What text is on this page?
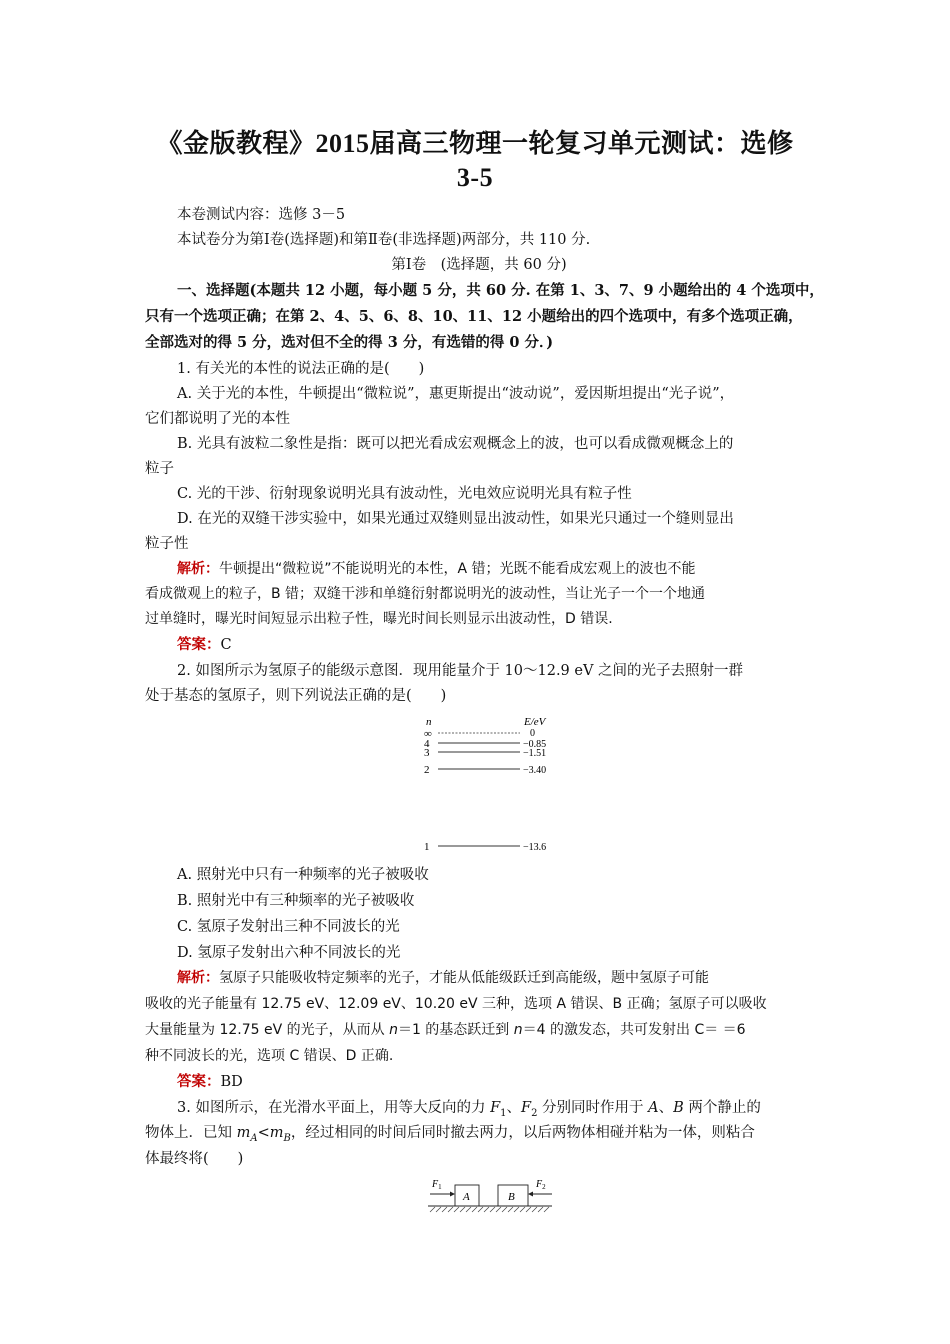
《金版教程》2015届高三物理一轮复习单元测试：选修
3-5
本卷测试内容：选修 3－5
本试卷分为第Ⅰ卷(选择题)和第Ⅱ卷(非选择题)两部分，共 110 分.
第Ⅰ卷　(选择题，共 60 分)
一、选择题(本题共 12 小题，每小题 5 分，共 60 分. 在第 1、3、7、9 小题给出的 4 个选项中，
只有一个选项正确；在第 2、4、5、6、8、10、11、12 小题给出的四个选项中，有多个选项正确，
全部选对的得 5 分，选对但不全的得 3 分，有选错的得 0 分．)
1. 有关光的本性的说法正确的是(　　)
A. 关于光的本性，牛顿提出“微粒说”，惠更斯提出“波动说”，爱因斯坦提出“光子说”，
它们都说明了光的本性
B. 光具有波粒二象性是指：既可以把光看成宏观概念上的波，也可以看成微观概念上的
粒子
C. 光的干涉、衍射现象说明光具有波动性，光电效应说明光具有粒子性
D. 在光的双缝干涉实验中，如果光通过双缝则显出波动性，如果光只通过一个缝则显出
粒子性
解析：牛顿提出“微粒说”不能说明光的本性，A 错；光既不能看成宏观上的波也不能
看成微观上的粒子，B 错；双缝干涉和单缝衍射都说明光的波动性，当让光子一个一个地通
过单缝时，曝光时间短显示出粒子性，曝光时间长则显示出波动性，D 错误.
答案：C
2. 如图所示为氢原子的能级示意图．现用能量介于 10～12.9 eV 之间的光子去照射一群
处于基态的氢原子，则下列说法正确的是(　　)
n	E/eV
∞	0
4	−0.85
3	−1.51
2	−3.40
1	−13.6
A. 照射光中只有一种频率的光子被吸收
B. 照射光中有三种频率的光子被吸收
C. 氢原子发射出三种不同波长的光
D. 氢原子发射出六种不同波长的光
解析：氢原子只能吸收特定频率的光子，才能从低能级跃迁到高能级，题中氢原子可能
吸收的光子能量有 12.75 eV、12.09 eV、10.20 eV 三种，选项 A 错误、B 正确；氢原子可以吸收
大量能量为 12.75 eV 的光子，从而从 n＝1 的基态跃迁到 n＝4 的激发态，共可发射出 C＝ ＝6
种不同波长的光，选项 C 错误、D 正确.
答案：BD
3. 如图所示，在光滑水平面上，用等大反向的力 $F_1$、$F_2$ 分别同时作用于 A、B 两个静止的
物体上．已知 $m_A<m_B$，经过相同的时间后同时撤去两力，以后两物体相碰并粘为一体，则粘合
体最终将(　　)
$F_1$
A	B
$F_2$
